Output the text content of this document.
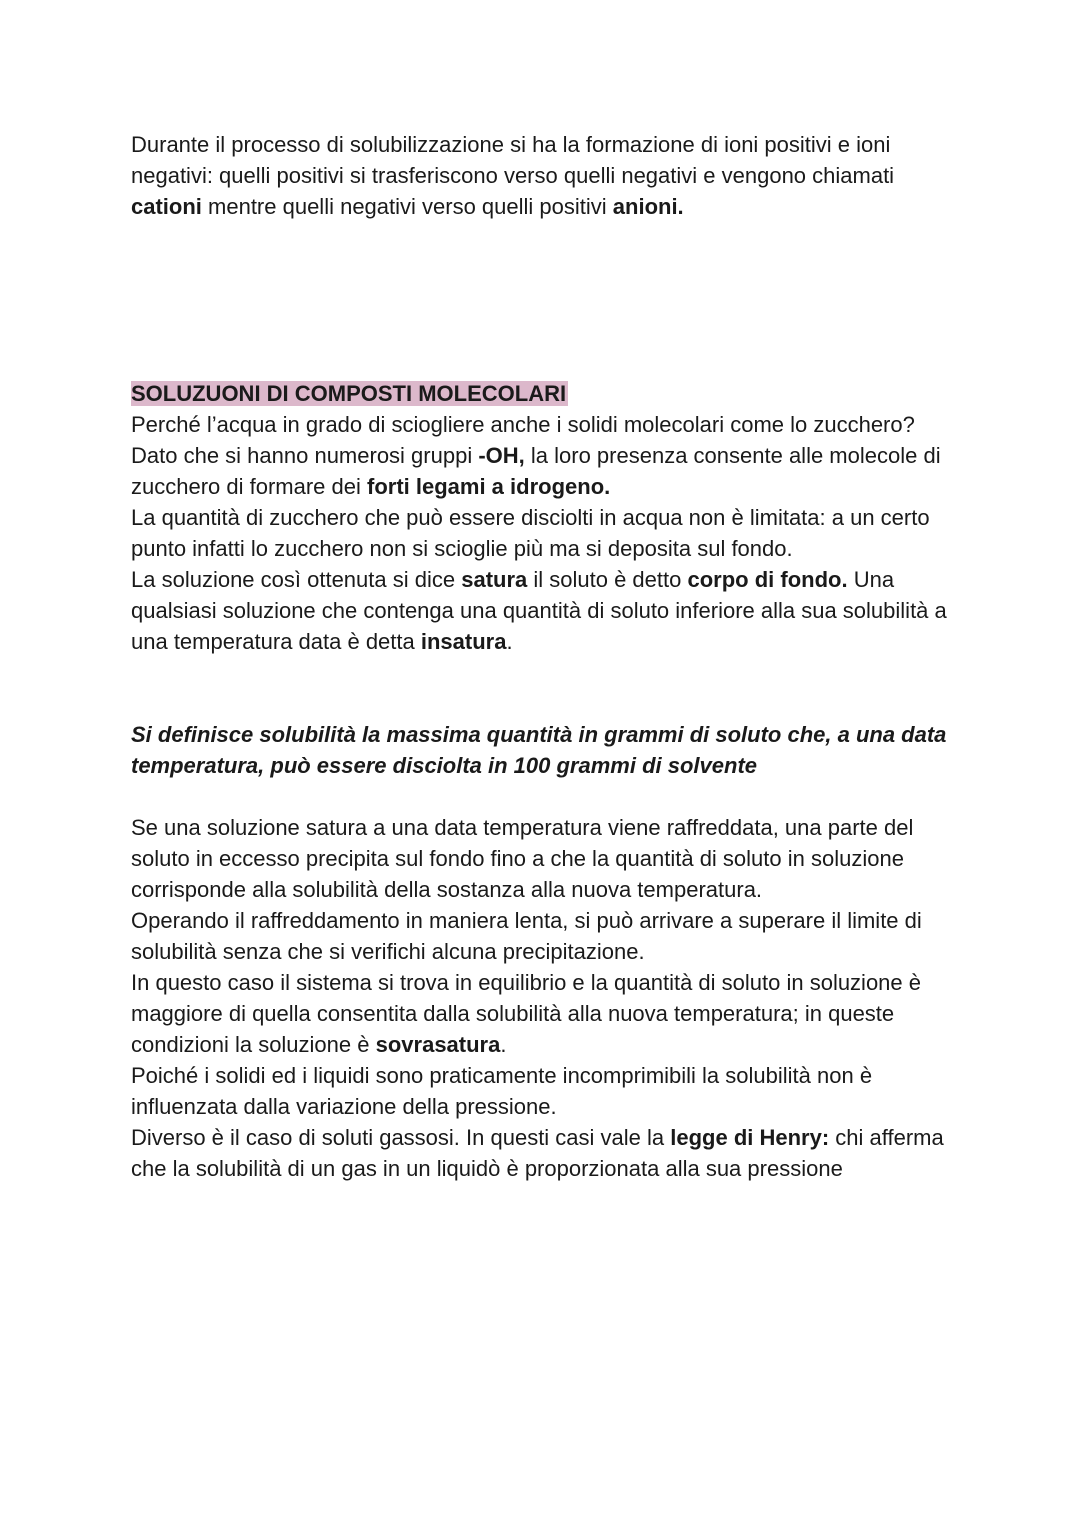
Durante il processo di solubilizzazione si ha la formazione di ioni positivi e ioni negativi: quelli positivi si trasferiscono verso quelli negativi e vengono chiamati cationi mentre quelli negativi verso quelli positivi anioni.

SOLUZUONI DI COMPOSTI MOLECOLARI

Perché l’acqua in grado di sciogliere anche i solidi molecolari come lo zucchero?

Dato che si hanno numerosi gruppi -OH, la loro presenza consente alle molecole di zucchero di formare dei forti legami a idrogeno.

La quantità di zucchero che può essere disciolti in acqua non è limitata: a un certo punto infatti lo zucchero non si scioglie più ma si deposita sul fondo.

La soluzione così ottenuta si dice satura il soluto è detto corpo di fondo. Una qualsiasi soluzione che contenga una quantità di soluto inferiore alla sua solubilità a una temperatura data è detta insatura.

Si definisce solubilità la massima quantità in grammi di soluto che, a una data temperatura, può essere disciolta in 100 grammi di solvente

Se una soluzione satura a una data temperatura viene raffreddata, una parte del soluto in eccesso precipita sul fondo fino a che la quantità di soluto in soluzione corrisponde alla solubilità della sostanza alla nuova temperatura.

Operando il raffreddamento in maniera lenta, si può arrivare a superare il limite di solubilità senza che si verifichi alcuna precipitazione.

In questo caso il sistema si trova in equilibrio e la quantità di soluto in soluzione è maggiore di quella consentita dalla solubilità alla nuova temperatura; in queste condizioni la soluzione è sovrasatura.

Poiché i solidi ed i liquidi sono praticamente incomprimibili la solubilità non è influenzata dalla variazione della pressione.

Diverso è il caso di soluti gassosi. In questi casi vale la legge di Henry: chi afferma che la solubilità di un gas in un liquidò è proporzionata alla sua pressione
